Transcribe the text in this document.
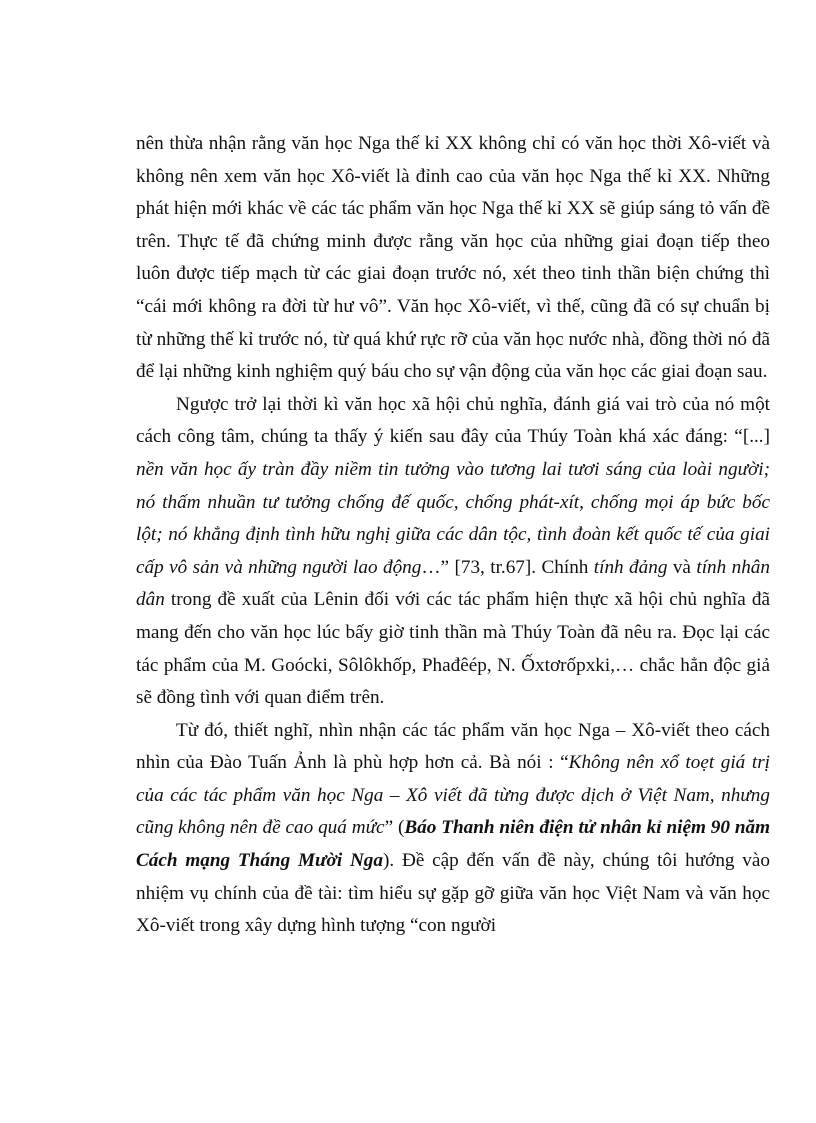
nên thừa nhận rằng văn học Nga thế kỉ XX không chỉ có văn học thời Xô-viết và không nên xem văn học Xô-viết là đỉnh cao của văn học Nga thế kỉ XX. Những phát hiện mới khác về các tác phẩm văn học Nga thế kỉ XX sẽ giúp sáng tỏ vấn đề trên. Thực tế đã chứng minh được rằng văn học của những giai đoạn tiếp theo luôn được tiếp mạch từ các giai đoạn trước nó, xét theo tinh thần biện chứng thì “cái mới không ra đời từ hư vô”. Văn học Xô-viết, vì thế, cũng đã có sự chuẩn bị từ những thế kỉ trước nó, từ quá khứ rực rỡ của văn học nước nhà, đồng thời nó đã để lại những kinh nghiệm quý báu cho sự vận động của văn học các giai đoạn sau.

Ngược trở lại thời kì văn học xã hội chủ nghĩa, đánh giá vai trò của nó một cách công tâm, chúng ta thấy ý kiến sau đây của Thúy Toàn khá xác đáng: “[...] nền văn học ấy tràn đầy niềm tin tưởng vào tương lai tươi sáng của loài người; nó thấm nhuần tư tưởng chống đế quốc, chống phát-xít, chống mọi áp bức bốc lột; nó khẳng định tình hữu nghị giữa các dân tộc, tình đoàn kết quốc tế của giai cấp vô sản và những người lao động…” [73, tr.67]. Chính tính đảng và tính nhân dân trong đề xuất của Lênin đối với các tác phẩm hiện thực xã hội chủ nghĩa đã mang đến cho văn học lúc bấy giờ tinh thần mà Thúy Toàn đã nêu ra. Đọc lại các tác phẩm của M. Goócki, Sôlôkhốp, Phađêép, N. Ốxtơrốpxki,… chắc hẳn độc giả sẽ đồng tình với quan điểm trên.

Từ đó, thiết nghĩ, nhìn nhận các tác phẩm văn học Nga – Xô-viết theo cách nhìn của Đào Tuấn Ảnh là phù hợp hơn cả. Bà nói : “Không nên xổ toẹt giá trị của các tác phẩm văn học Nga – Xô viết đã từng được dịch ở Việt Nam, nhưng cũng không nên đề cao quá mức” (Báo Thanh niên điện tử nhân kỉ niệm 90 năm Cách mạng Tháng Mười Nga). Đề cập đến vấn đề này, chúng tôi hướng vào nhiệm vụ chính của đề tài: tìm hiểu sự gặp gỡ giữa văn học Việt Nam và văn học Xô-viết trong xây dựng hình tượng “con người
